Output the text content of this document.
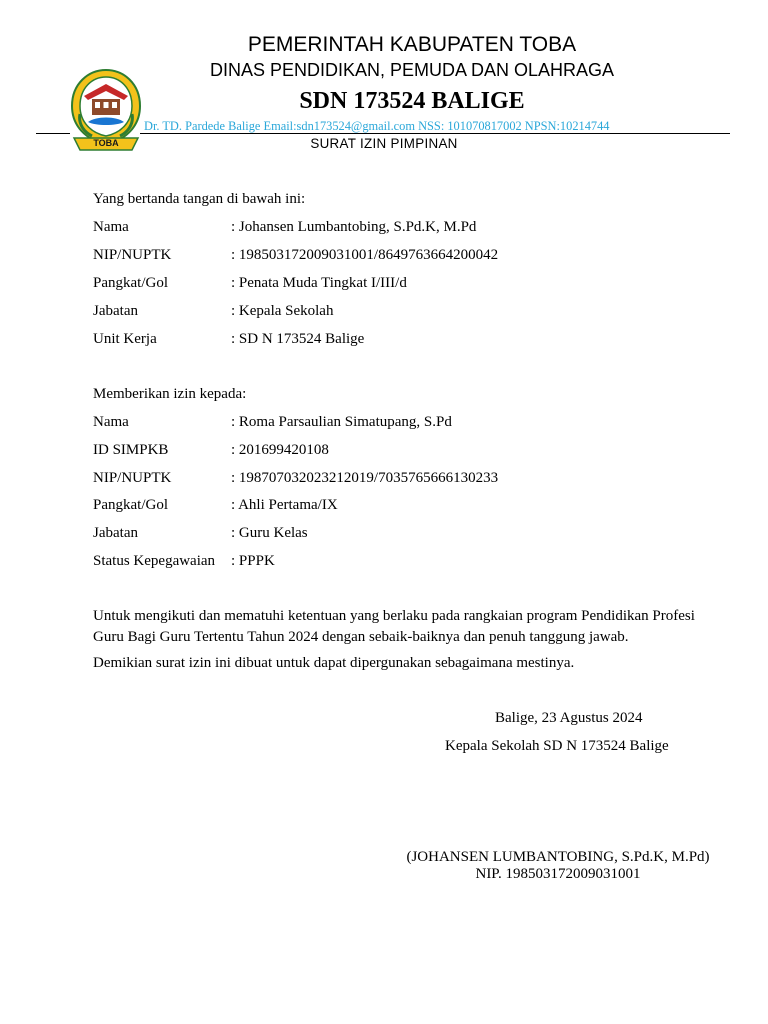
TOBA
PEMERINTAH KABUPATEN TOBA
DINAS PENDIDIKAN, PEMUDA DAN OLAHRAGA
SDN 173524 BALIGE
Dr. TD. Pardede Balige Email:sdn173524@gmail.com NSS: 101070817002 NPSN:10214744
SURAT IZIN PIMPINAN
Yang bertanda tangan di bawah ini:
Nama	: Johansen Lumbantobing, S.Pd.K, M.Pd
NIP/NUPTK	: 198503172009031001/8649763664200042
Pangkat/Gol	: Penata Muda Tingkat I/III/d
Jabatan	: Kepala Sekolah
Unit Kerja	: SD N 173524 Balige
Memberikan izin kepada:
Nama	: Roma Parsaulian Simatupang, S.Pd
ID SIMPKB	: 201699420108
NIP/NUPTK	: 198707032023212019/7035765666130233
Pangkat/Gol	: Ahli Pertama/IX
Jabatan	: Guru Kelas
Status Kepegawaian : PPPK
Untuk mengikuti dan mematuhi ketentuan yang berlaku pada rangkaian program Pendidikan Profesi Guru Bagi Guru Tertentu Tahun 2024 dengan sebaik-baiknya dan penuh tanggung jawab.
Demikian surat izin ini dibuat untuk dapat dipergunakan sebagaimana mestinya.
Balige, 23 Agustus 2024
Kepala Sekolah SD N 173524 Balige
(JOHANSEN LUMBANTOBING, S.Pd.K, M.Pd)
NIP. 198503172009031001
